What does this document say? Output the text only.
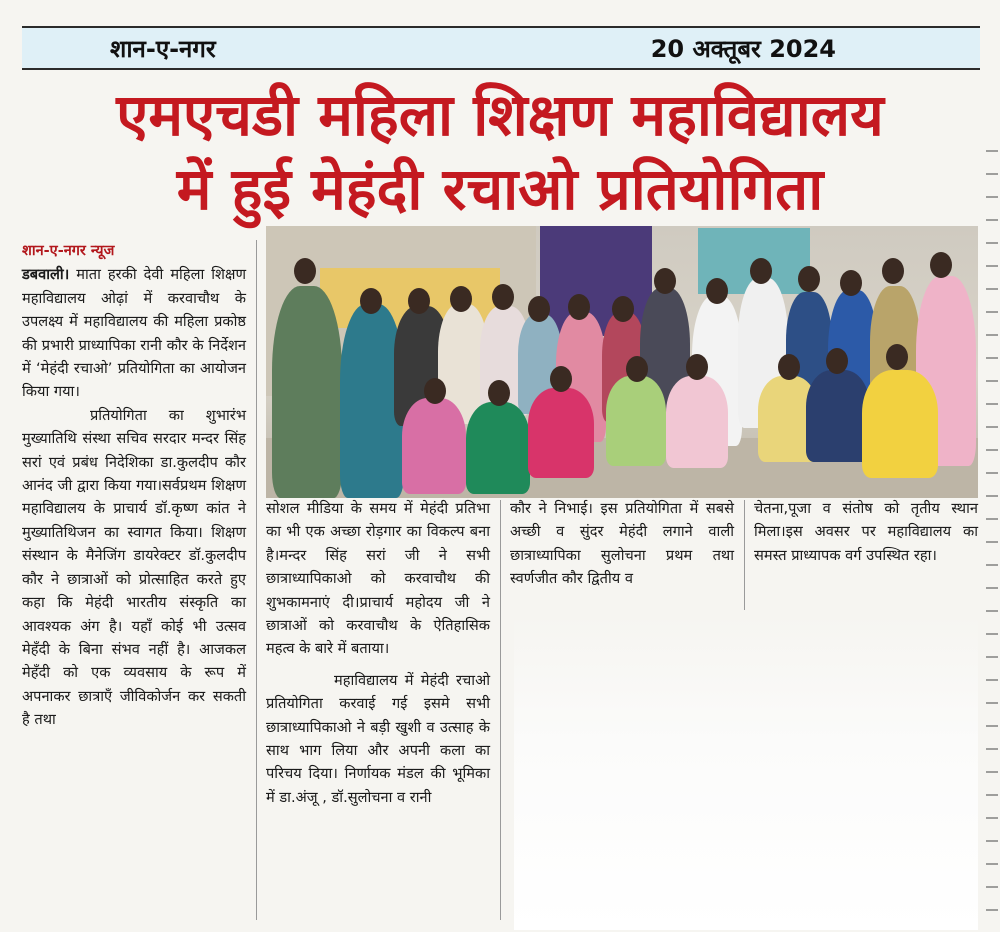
शान-ए-नगर	20 अक्तूबर 2024
एमएचडी महिला शिक्षण महाविद्यालय
में हुई मेहंदी रचाओ प्रतियोगिता

शान-ए-नगर न्यूज

डबवाली। माता हरकी देवी महिला शिक्षण महाविद्यालय ओढ़ां में करवाचौथ के उपलक्ष्य में महाविद्यालय की महिला प्रकोष्ठ की प्रभारी प्राध्यापिका रानी कौर के निर्देशन में ‘मेहंदी रचाओ’ प्रतियोगिता का आयोजन किया गया।

प्रतियोगिता का शुभारंभ मुख्यातिथि संस्था सचिव सरदार मन्दर सिंह सरां एवं प्रबंध निदेशिका डा.कुलदीप कौर आनंद जी द्वारा किया गया।सर्वप्रथम शिक्षण महाविद्यालय के प्राचार्य डॉ.कृष्ण कांत ने मुख्यातिथिजन का स्वागत किया। शिक्षण संस्थान के मैनेजिंग डायरेक्टर डॉ.कुलदीप कौर ने छात्राओं को प्रोत्साहित करते हुए कहा कि मेहंदी भारतीय संस्कृति का आवश्यक अंग है। यहाँ कोई भी उत्सव मेहँदी के बिना संभव नहीं है। आजकल मेहँदी को एक व्यवसाय के रूप में अपनाकर छात्राएँ जीविकोर्जन कर सकती है तथा

सोशल मीडिया के समय में मेहंदी प्रतिभा का भी एक अच्छा रोड़गार का विकल्प बना है।मन्दर सिंह सरां जी ने सभी छात्राध्यापिकाओ को करवाचौथ की शुभकामनाएं दी।प्राचार्य महोदय जी ने छात्राओं को करवाचौथ के ऐतिहासिक महत्व के बारे में बताया।

महाविद्यालय में मेहंदी रचाओ प्रतियोगिता करवाई गई इसमे सभी छात्राध्यापिकाओ ने बड़ी खुशी व उत्साह के साथ भाग लिया और अपनी कला का परिचय दिया। निर्णायक मंडल की भूमिका में डा.अंजू , डॉ.सुलोचना व रानी

कौर ने निभाई। इस प्रतियोगिता में सबसे अच्छी व सुंदर मेहंदी लगाने वाली छात्राध्यापिका सुलोचना प्रथम तथा स्वर्णजीत कौर द्वितीय व

चेतना,पूजा व संतोष को तृतीय स्थान मिला।इस अवसर पर महाविद्यालय का समस्त प्राध्यापक वर्ग उपस्थित रहा।
